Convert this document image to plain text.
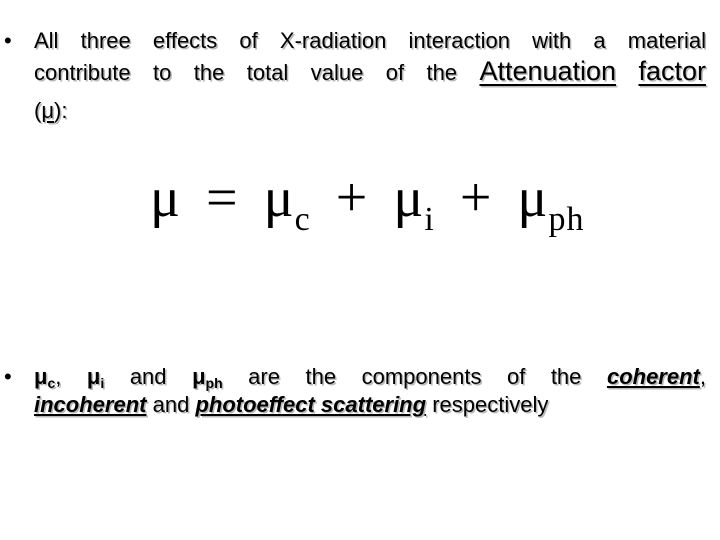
• All three effects of X-radiation interaction with a material
contribute to the total value of the Attenuation factor
(μ):
$\mu = \mu_c + \mu_i + \mu_{ph}$
• $\mu_c$, $\mu_i$ and $\mu_{ph}$ are the components of the coherent,
incoherent and photoeffect scattering respectively
